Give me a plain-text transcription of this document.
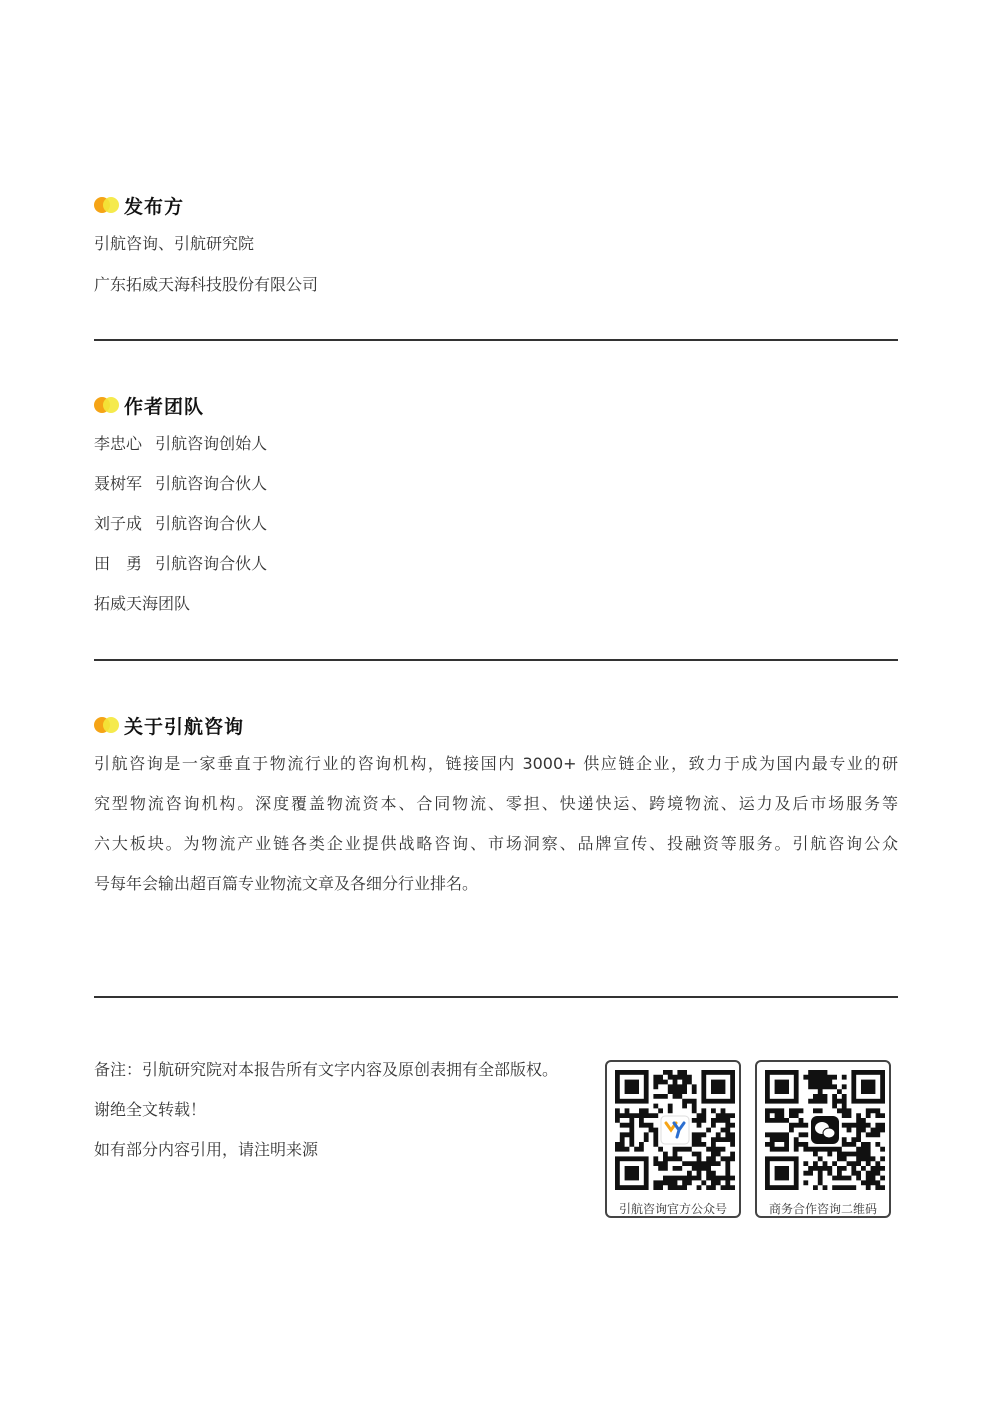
发布方
引航咨询、引航研究院
广东拓威天海科技股份有限公司
作者团队
李忠心 引航咨询创始人
聂树军 引航咨询合伙人
刘子成 引航咨询合伙人
田　勇 引航咨询合伙人
拓威天海团队
关于引航咨询
引航咨询是一家垂直于物流行业的咨询机构，链接国内 3000+ 供应链企业，致力于成为国内最专业的研
究型物流咨询机构。深度覆盖物流资本、合同物流、零担、快递快运、跨境物流、运力及后市场服务等
六大板块。为物流产业链各类企业提供战略咨询、市场洞察、品牌宣传、投融资等服务。引航咨询公众
号每年会输出超百篇专业物流文章及各细分行业排名。
备注：引航研究院对本报告所有文字内容及原创表拥有全部版权。
谢绝全文转载！
如有部分内容引用，请注明来源
引航咨询官方公众号	商务合作咨询二维码
